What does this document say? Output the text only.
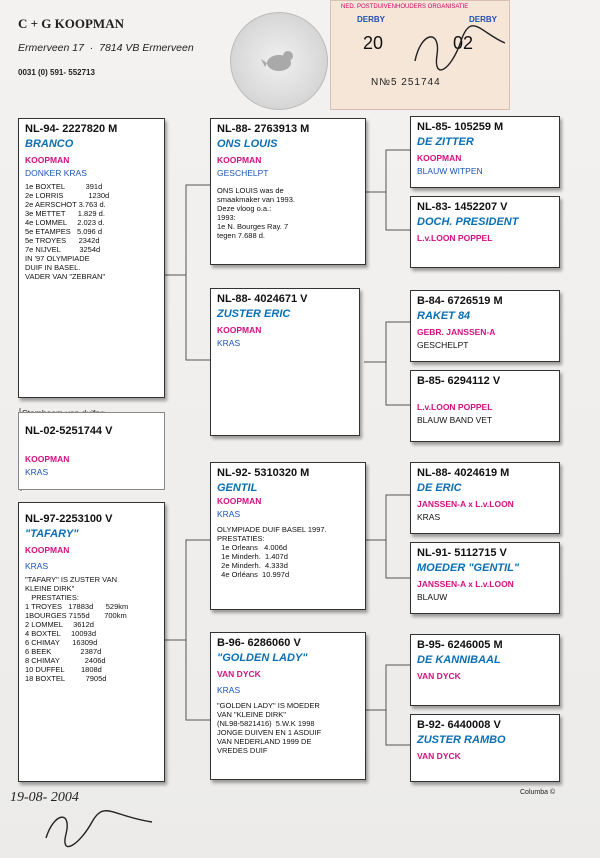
C + G KOOPMAN
Ermerveen 17  ·  7814 VB Ermerveen
0031 (0) 591- 552713
NED. POSTDUIVENHOUDERS ORGANISATIE
DERBY	DERBY
20	02
N№5 251744
NL-94- 2227820 M
BRANCO
KOOPMAN
DONKER KRAS
1e BOXTEL          391d
2e LORRIS            1230d
2e AERSCHOT 3.763 d.
3e METTET      1.829 d.
4e LOMMEL     2.023 d.
5e ETAMPES   5.096 d
5e TROYES      2342d
7e NIJVEL         3254d
IN '97 OLYMPIADE
DUIF IN BASEL.
VADER VAN "ZEBRAN"
NL-02-5251744 V
KOOPMAN
KRAS
NL-97-2253100 V
"TAFARY"
KOOPMAN
KRAS
"TAFARY" IS ZUSTER VAN
KLEINE DIRK"
PRESTATIES:
1 TROYES   17883d      529km
1BOURGES 7155d       700km
2 LOMMEL     3612d
4 BOXTEL     10093d
6 CHIMAY      16309d
6 BEEK              2387d
8 CHIMAY            2406d
10 DUFFEL        1808d
18 BOXTEL          7905d
NL-88- 2763913 M
ONS LOUIS
KOOPMAN
GESCHELPT
ONS LOUIS was de
smaakmaker van 1993.
Deze vloog o.a.:
1993:
1e N. Bourges Ray. 7
tegen 7.688 d.
NL-88- 4024671 V
ZUSTER ERIC
KOOPMAN
KRAS
NL-92- 5310320 M
GENTIL
KOOPMAN
KRAS
OLYMPIADE DUIF BASEL 1997.
PRESTATIES:
1e Orleans   4.006d
1e Minderh.  1.407d
2e Minderh.  4.333d
4e Orléans  10.997d
B-96- 6286060 V
"GOLDEN LADY"
VAN DYCK
KRAS
"GOLDEN LADY" IS MOEDER
VAN "KLEINE DIRK"
(NL98-5821416)  5.W.K 1998
JONGE DUIVEN EN 1 ASDUIF
VAN NEDERLAND 1999 DE
VREDES DUIF
NL-85- 105259 M
DE ZITTER
KOOPMAN
BLAUW WITPEN
NL-83- 1452207 V
DOCH. PRESIDENT
L.v.LOON POPPEL
B-84- 6726519 M
RAKET 84
GEBR. JANSSEN-A
GESCHELPT
B-85- 6294112 V
L.v.LOON POPPEL
BLAUW BAND VET
NL-88- 4024619 M
DE ERIC
JANSSEN-A x L.v.LOON
KRAS
NL-91- 5112715 V
MOEDER "GENTIL"
JANSSEN-A x L.v.LOON
BLAUW
B-95- 6246005 M
DE KANNIBAAL
VAN DYCK
B-92- 6440008 V
ZUSTER RAMBO
VAN DYCK
19-08- 2004	Columba ©
